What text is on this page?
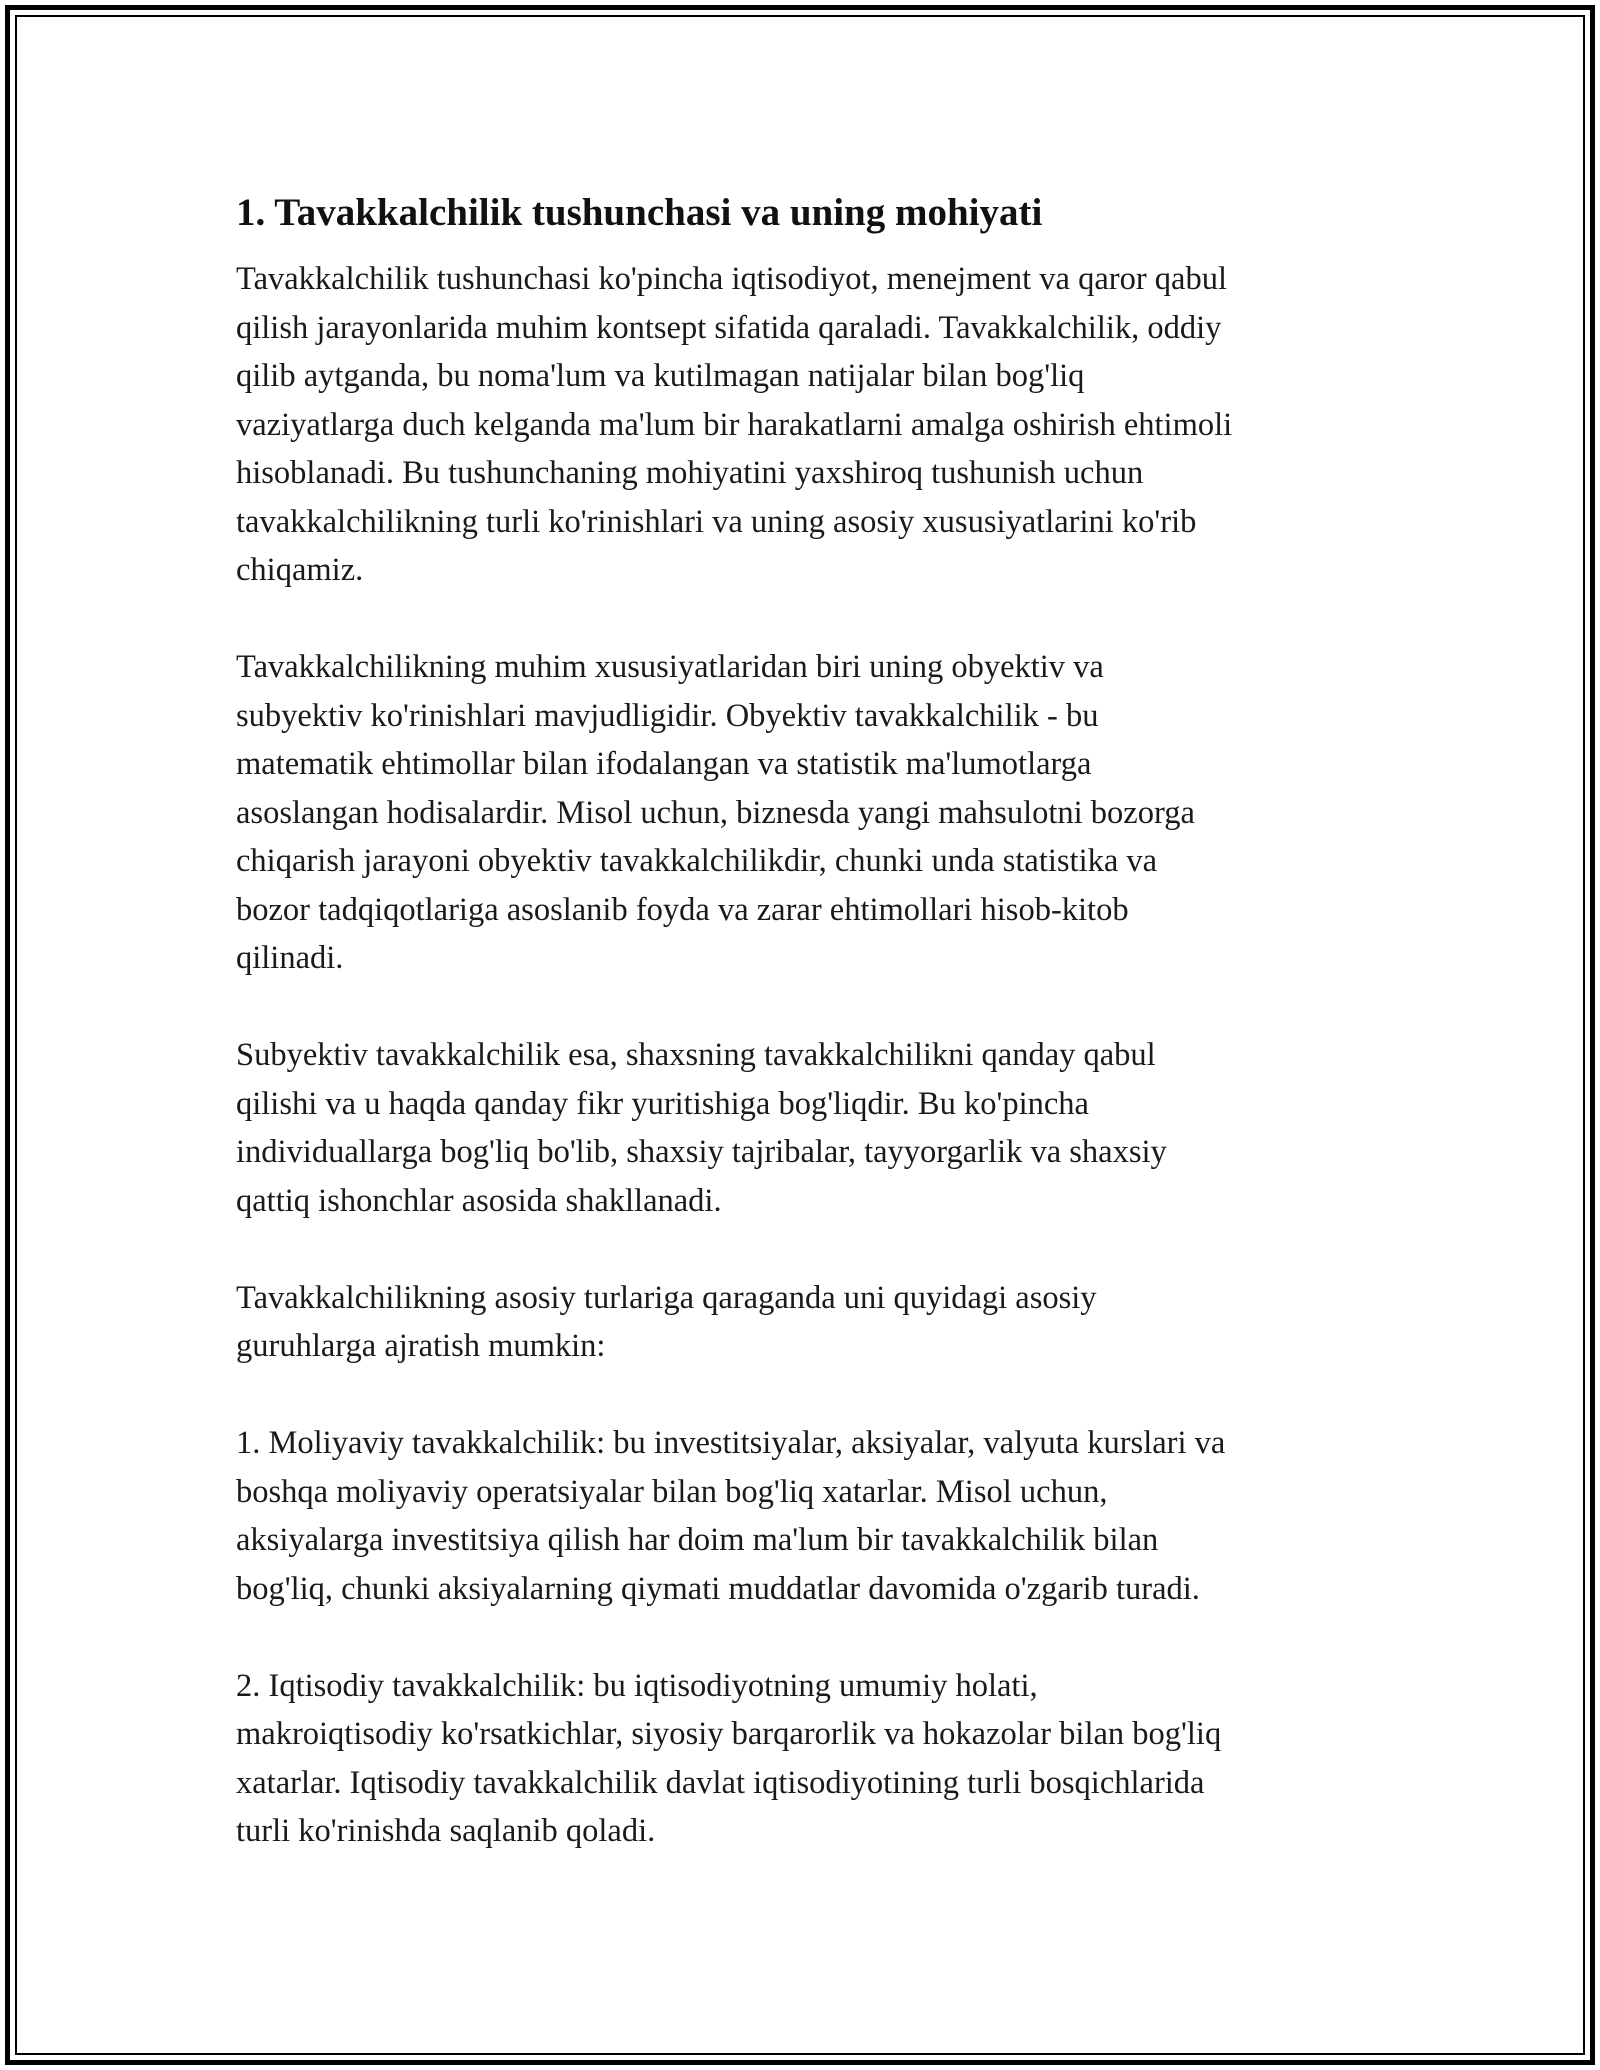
1. Tavakkalchilik tushunchasi va uning mohiyati

Tavakkalchilik tushunchasi ko'pincha iqtisodiyot, menejment va qaror qabul
qilish jarayonlarida muhim kontsept sifatida qaraladi. Tavakkalchilik, oddiy
qilib aytganda, bu noma'lum va kutilmagan natijalar bilan bog'liq
vaziyatlarga duch kelganda ma'lum bir harakatlarni amalga oshirish ehtimoli
hisoblanadi. Bu tushunchaning mohiyatini yaxshiroq tushunish uchun
tavakkalchilikning turli ko'rinishlari va uning asosiy xususiyatlarini ko'rib
chiqamiz.

Tavakkalchilikning muhim xususiyatlaridan biri uning obyektiv va
subyektiv ko'rinishlari mavjudligidir. Obyektiv tavakkalchilik - bu
matematik ehtimollar bilan ifodalangan va statistik ma'lumotlarga
asoslangan hodisalardir. Misol uchun, biznesda yangi mahsulotni bozorga
chiqarish jarayoni obyektiv tavakkalchilikdir, chunki unda statistika va
bozor tadqiqotlariga asoslanib foyda va zarar ehtimollari hisob-kitob
qilinadi.

Subyektiv tavakkalchilik esa, shaxsning tavakkalchilikni qanday qabul
qilishi va u haqda qanday fikr yuritishiga bog'liqdir. Bu ko'pincha
individuallarga bog'liq bo'lib, shaxsiy tajribalar, tayyorgarlik va shaxsiy
qattiq ishonchlar asosida shakllanadi.

Tavakkalchilikning asosiy turlariga qaraganda uni quyidagi asosiy
guruhlarga ajratish mumkin:

1. Moliyaviy tavakkalchilik: bu investitsiyalar, aksiyalar, valyuta kurslari va
boshqa moliyaviy operatsiyalar bilan bog'liq xatarlar. Misol uchun,
aksiyalarga investitsiya qilish har doim ma'lum bir tavakkalchilik bilan
bog'liq, chunki aksiyalarning qiymati muddatlar davomida o'zgarib turadi.

2. Iqtisodiy tavakkalchilik: bu iqtisodiyotning umumiy holati,
makroiqtisodiy ko'rsatkichlar, siyosiy barqarorlik va hokazolar bilan bog'liq
xatarlar. Iqtisodiy tavakkalchilik davlat iqtisodiyotining turli bosqichlarida
turli ko'rinishda saqlanib qoladi.
